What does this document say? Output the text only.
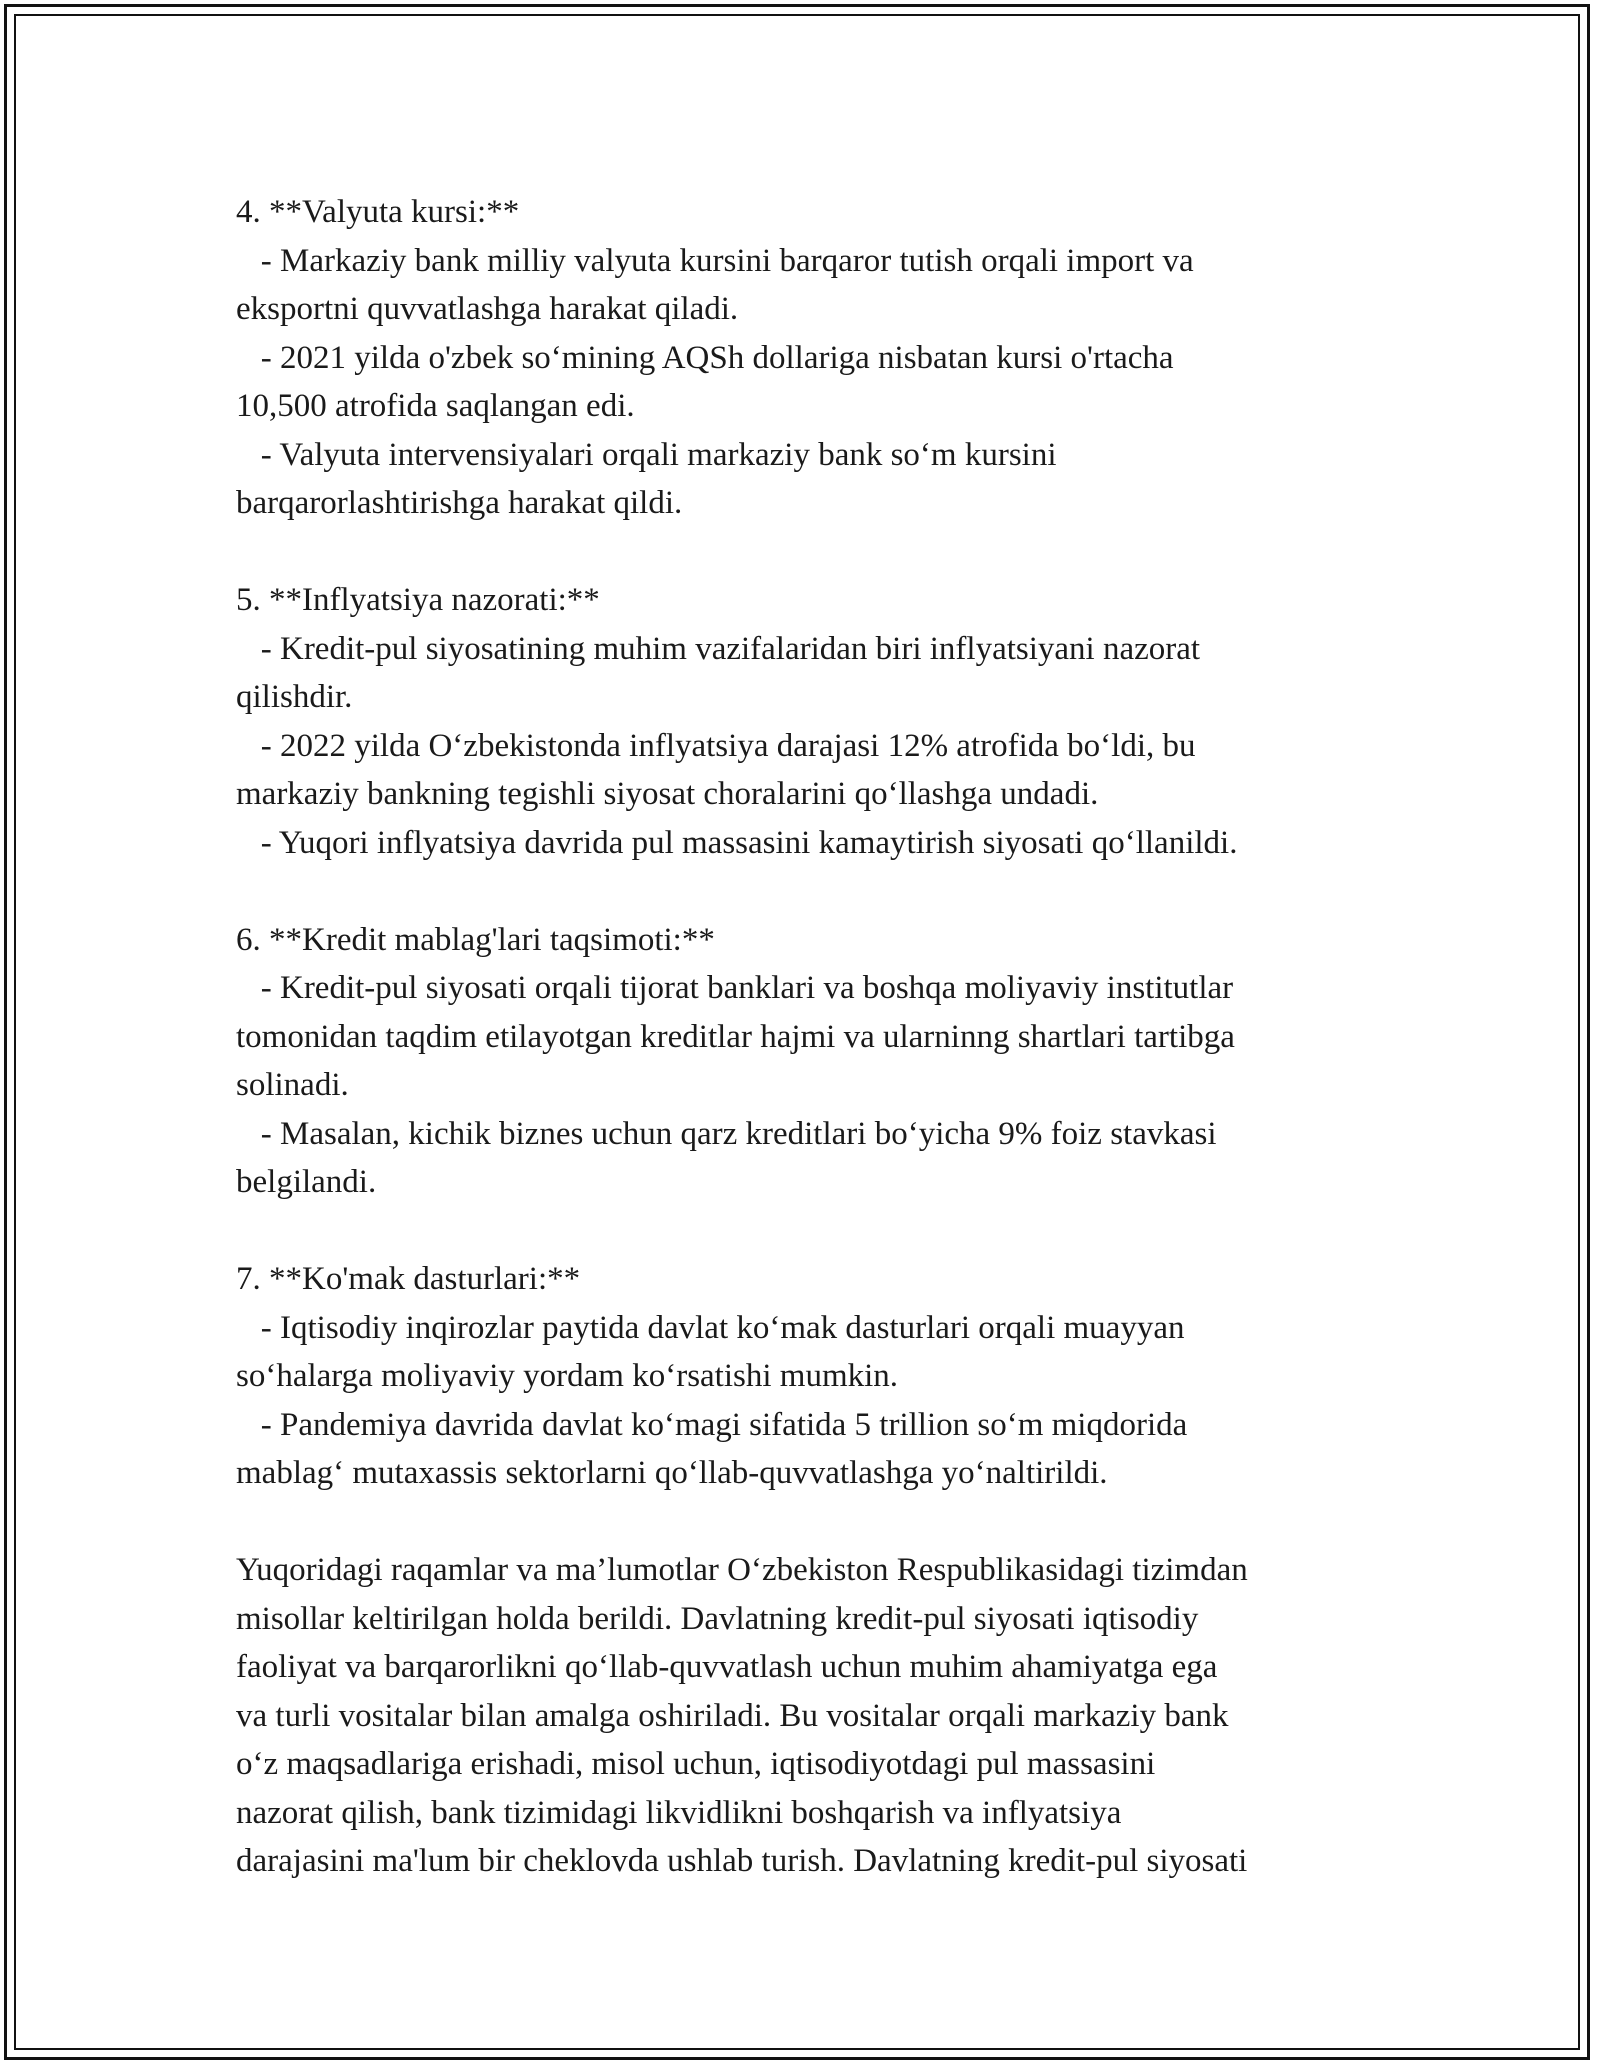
4. **Valyuta kursi:**
- Markaziy bank milliy valyuta kursini barqaror tutish orqali import va
eksportni quvvatlashga harakat qiladi.
- 2021 yilda o'zbek so‘mining AQSh dollariga nisbatan kursi o'rtacha
10,500 atrofida saqlangan edi.
- Valyuta intervensiyalari orqali markaziy bank so‘m kursini
barqarorlashtirishga harakat qildi.
5. **Inflyatsiya nazorati:**
- Kredit-pul siyosatining muhim vazifalaridan biri inflyatsiyani nazorat
qilishdir.
- 2022 yilda O‘zbekistonda inflyatsiya darajasi 12% atrofida bo‘ldi, bu
markaziy bankning tegishli siyosat choralarini qo‘llashga undadi.
- Yuqori inflyatsiya davrida pul massasini kamaytirish siyosati qo‘llanildi.
6. **Kredit mablag'lari taqsimoti:**
- Kredit-pul siyosati orqali tijorat banklari va boshqa moliyaviy institutlar
tomonidan taqdim etilayotgan kreditlar hajmi va ularninng shartlari tartibga
solinadi.
- Masalan, kichik biznes uchun qarz kreditlari bo‘yicha 9% foiz stavkasi
belgilandi.
7. **Ko'mak dasturlari:**
- Iqtisodiy inqirozlar paytida davlat ko‘mak dasturlari orqali muayyan
so‘halarga moliyaviy yordam ko‘rsatishi mumkin.
- Pandemiya davrida davlat ko‘magi sifatida 5 trillion so‘m miqdorida
mablag‘ mutaxassis sektorlarni qo‘llab-quvvatlashga yo‘naltirildi.
Yuqoridagi raqamlar va ma’lumotlar O‘zbekiston Respublikasidagi tizimdan
misollar keltirilgan holda berildi. Davlatning kredit-pul siyosati iqtisodiy
faoliyat va barqarorlikni qo‘llab-quvvatlash uchun muhim ahamiyatga ega
va turli vositalar bilan amalga oshiriladi. Bu vositalar orqali markaziy bank
o‘z maqsadlariga erishadi, misol uchun, iqtisodiyotdagi pul massasini
nazorat qilish, bank tizimidagi likvidlikni boshqarish va inflyatsiya
darajasini ma'lum bir cheklovda ushlab turish. Davlatning kredit-pul siyosati
